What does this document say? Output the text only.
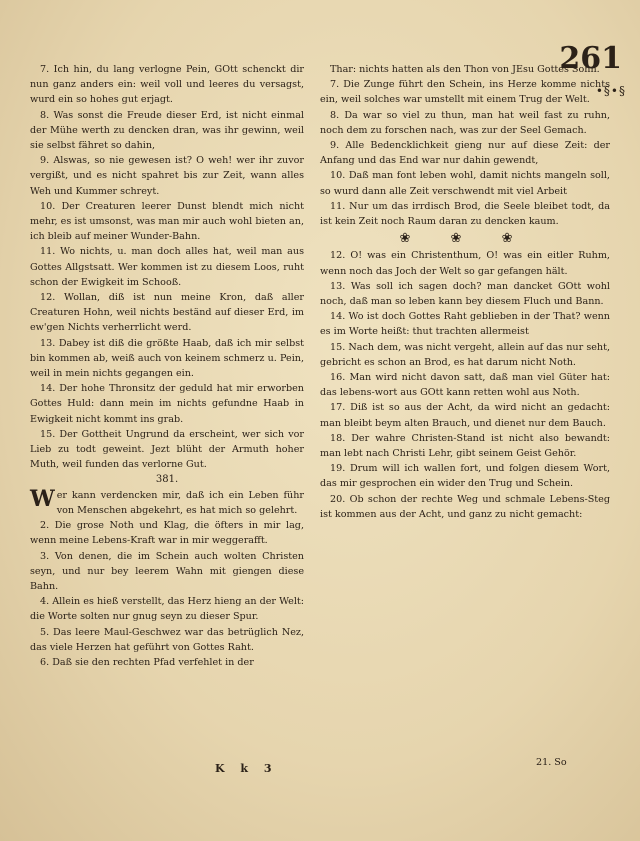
261
•§•§

7. Ich hin, du lang verlogne Pein, GOtt schenckt dir nun ganz anders ein: weil voll und leeres du versagst, wurd ein so hohes gut erjagt.

8. Was sonst die Freude dieser Erd, ist nicht einmal der Mühe werth zu dencken dran, was ihr gewinn, weil sie selbst fähret so dahin,

9. Alswas, so nie gewesen ist? O weh! wer ihr zuvor vergißt, und es nicht spahret bis zur Zeit, wann alles Weh und Kummer schreyt.

10. Der Creaturen leerer Dunst blendt mich nicht mehr, es ist umsonst, was man mir auch wohl bieten an, ich bleib auf meiner Wunder-Bahn.

11. Wo nichts, u. man doch alles hat, weil man aus Gottes Allgstsatt. Wer kommen ist zu diesem Loos, ruht schon der Ewigkeit im Schooß.

12. Wollan, diß ist nun meine Kron, daß aller Creaturen Hohn, weil nichts beständ auf dieser Erd, im ew'gen Nichts verherrlicht werd.

13. Dabey ist diß die größte Haab, daß ich mir selbst bin kommen ab, weiß auch von keinem schmerz u. Pein, weil in mein nichts gegangen ein.

14. Der hohe Thronsitz der geduld hat mir erworben Gottes Huld: dann mein im nichts gefundne Haab in Ewigkeit nicht kommt ins grab.

15. Der Gottheit Ungrund da erscheint, wer sich vor Lieb zu todt geweint. Jezt blüht der Armuth hoher Muth, weil funden das verlorne Gut.

381.

Wer kann verdencken mir, daß ich ein Leben führ von Menschen abgekehrt, es hat mich so gelehrt.

2. Die grose Noth und Klag, die öfters in mir lag, wenn meine Lebens-Kraft war in mir weggerafft.

3. Von denen, die im Schein auch wolten Christen seyn, und nur bey leerem Wahn mit giengen diese Bahn.

4. Allein es hieß verstellt, das Herz hieng an der Welt: die Worte solten nur gnug seyn zu dieser Spur.

5. Das leere Maul-Geschwez war das betrüglich Nez, das viele Herzen hat geführt von Gottes Raht.

6. Daß sie den rechten Pfad verfehlet in der

K k 3

Thar: nichts hatten als den Thon von JEsu Gottes Sohn.

7. Die Zunge führt den Schein, ins Herze komme nichts ein, weil solches war umstellt mit einem Trug der Welt.

8. Da war so viel zu thun, man hat weil fast zu ruhn, noch dem zu forschen nach, was zur der Seel Gemach.

9. Alle Bedencklichkeit gieng nur auf diese Zeit: der Anfang und das End war nur dahin gewendt,

10. Daß man font leben wohl, damit nichts mangeln soll, so wurd dann alle Zeit verschwendt mit viel Arbeit

11. Nur um das irrdisch Brod, die Seele bleibet todt, da ist kein Zeit noch Raum daran zu dencken kaum.

❀ ❀ ❀

12. O! was ein Christenthum, O! was ein eitler Ruhm, wenn noch das Joch der Welt so gar gefangen hält.

13. Was soll ich sagen doch? man dancket GOtt wohl noch, daß man so leben kann bey diesem Fluch und Bann.

14. Wo ist doch Gottes Raht geblieben in der That? wenn es im Worte heißt: thut trachten allermeist

15. Nach dem, was nicht vergeht, allein auf das nur seht, gebricht es schon an Brod, es hat darum nicht Noth.

16. Man wird nicht davon satt, daß man viel Güter hat: das lebens-wort aus GOtt kann retten wohl aus Noth.

17. Diß ist so aus der Acht, da wird nicht an gedacht: man bleibt beym alten Brauch, und dienet nur dem Bauch.

18. Der wahre Christen-Stand ist nicht also bewandt: man lebt nach Christi Lehr, gibt seinem Geist Gehör.

19. Drum will ich wallen fort, und folgen diesem Wort, das mir gesprochen ein wider den Trug und Schein.

20. Ob schon der rechte Weg und schmale Lebens-Steg ist kommen aus der Acht, und ganz zu nicht gemacht:

21. So
